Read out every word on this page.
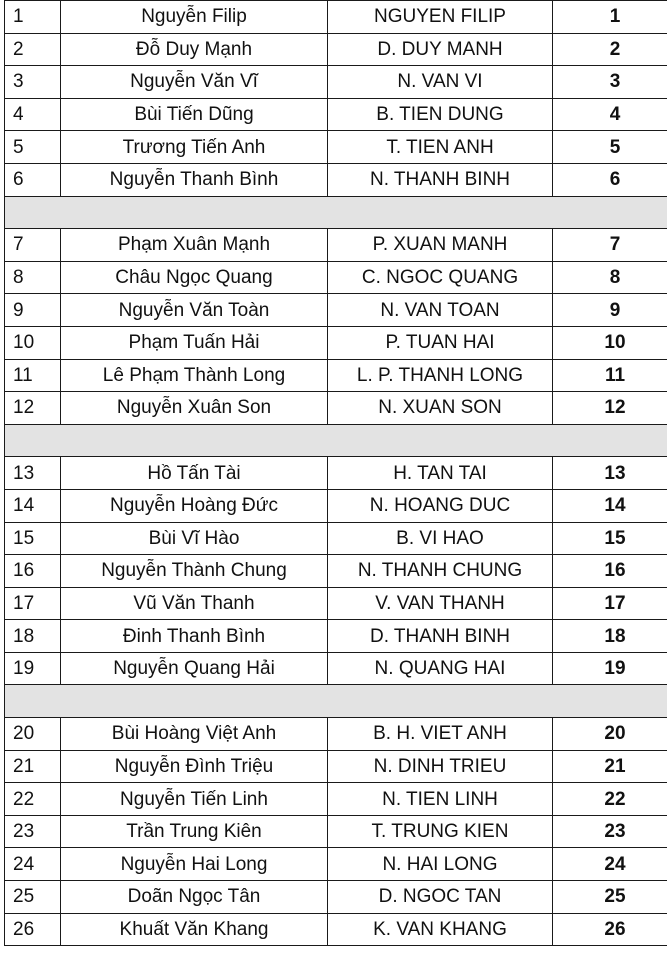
1	Nguyễn Filip	NGUYEN FILIP	1
2	Đỗ Duy Mạnh	D. DUY MANH	2
3	Nguyễn Văn Vĩ	N. VAN VI	3
4	Bùi Tiến Dũng	B. TIEN DUNG	4
5	Trương Tiến Anh	T. TIEN ANH	5
6	Nguyễn Thanh Bình	N. THANH BINH	6

7	Phạm Xuân Mạnh	P. XUAN MANH	7
8	Châu Ngọc Quang	C. NGOC QUANG	8
9	Nguyễn Văn Toàn	N. VAN TOAN	9
10	Phạm Tuấn Hải	P. TUAN HAI	10
11	Lê Phạm Thành Long	L. P. THANH LONG	11
12	Nguyễn Xuân Son	N. XUAN SON	12

13	Hồ Tấn Tài	H. TAN TAI	13
14	Nguyễn Hoàng Đức	N. HOANG DUC	14
15	Bùi Vĩ Hào	B. VI HAO	15
16	Nguyễn Thành Chung	N. THANH CHUNG	16
17	Vũ Văn Thanh	V. VAN THANH	17
18	Đinh Thanh Bình	D. THANH BINH	18
19	Nguyễn Quang Hải	N. QUANG HAI	19

20	Bùi Hoàng Việt Anh	B. H. VIET ANH	20
21	Nguyễn Đình Triệu	N. DINH TRIEU	21
22	Nguyễn Tiến Linh	N. TIEN LINH	22
23	Trần Trung Kiên	T. TRUNG KIEN	23
24	Nguyễn Hai Long	N. HAI LONG	24
25	Doãn Ngọc Tân	D. NGOC TAN	25
26	Khuất Văn Khang	K. VAN KHANG	26
